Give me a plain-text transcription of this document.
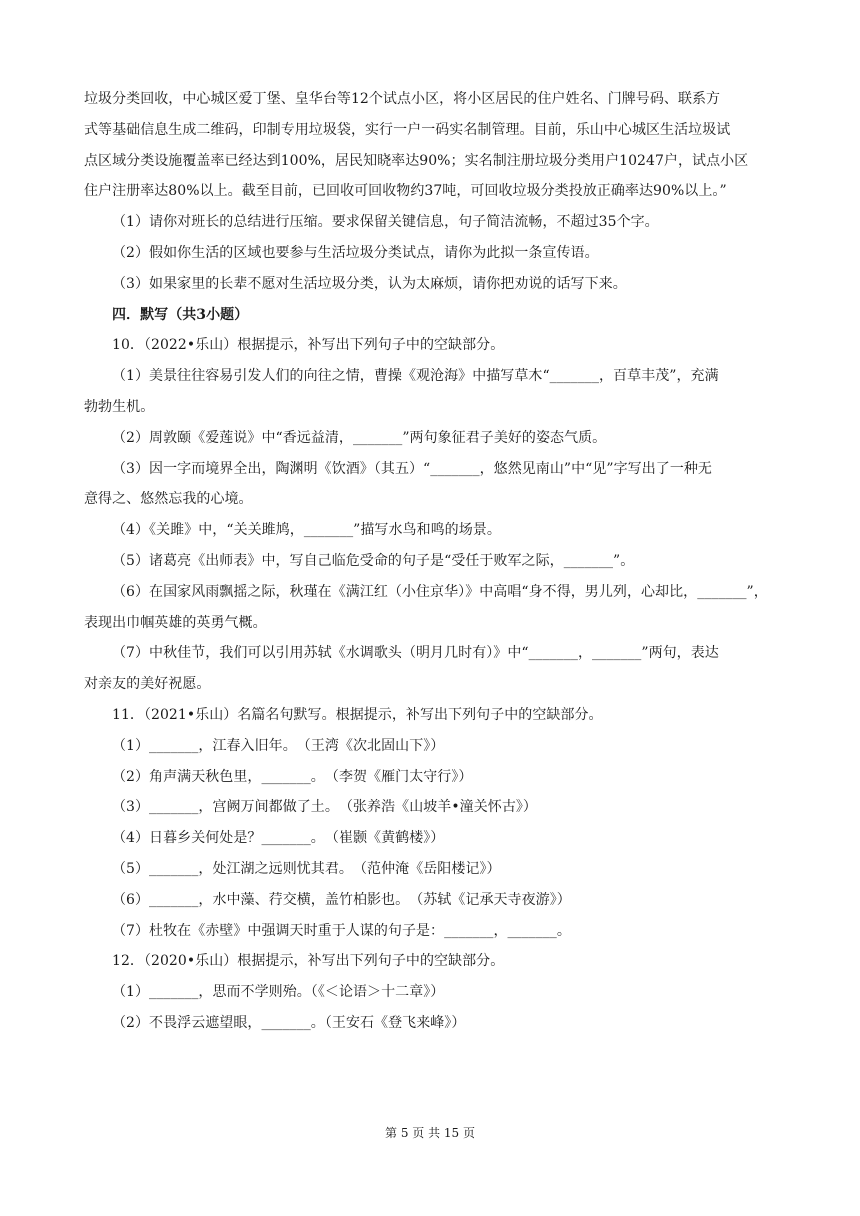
垃圾分类回收，中心城区爱丁堡、皇华台等12个试点小区，将小区居民的住户姓名、门牌号码、联系方
式等基础信息生成二维码，印制专用垃圾袋，实行一户一码实名制管理。目前，乐山中心城区生活垃圾试
点区域分类设施覆盖率已经达到100%，居民知晓率达90%；实名制注册垃圾分类用户10247户，试点小区
住户注册率达80%以上。截至目前，已回收可回收物约37吨，可回收垃圾分类投放正确率达90%以上。”
（1）请你对班长的总结进行压缩。要求保留关键信息，句子简洁流畅，不超过35个字。
（2）假如你生活的区域也要参与生活垃圾分类试点，请你为此拟一条宣传语。
（3）如果家里的长辈不愿对生活垃圾分类，认为太麻烦，请你把劝说的话写下来。
四．默写（共3小题）
10．（2022•乐山）根据提示，补写出下列句子中的空缺部分。
（1）美景往往容易引发人们的向往之情，曹操《观沧海》中描写草木“_______，百草丰茂”，充满
勃勃生机。
（2）周敦颐《爱莲说》中“香远益清，_______”两句象征君子美好的姿态气质。
（3）因一字而境界全出，陶渊明《饮酒》（其五）“_______，悠然见南山”中“见”字写出了一种无
意得之、悠然忘我的心境。
（4）《关雎》中，“关关雎鸠，_______”描写水鸟和鸣的场景。
（5）诸葛亮《出师表》中，写自己临危受命的句子是“受任于败军之际，_______”。
（6）在国家风雨飘摇之际，秋瑾在《满江红（小住京华）》中高唱“身不得，男儿列，心却比，_______”，
表现出巾帼英雄的英勇气概。
（7）中秋佳节，我们可以引用苏轼《水调歌头（明月几时有）》中“_______，_______”两句，表达
对亲友的美好祝愿。
11．（2021•乐山）名篇名句默写。根据提示，补写出下列句子中的空缺部分。
（1）_______，江春入旧年。　（王湾《次北固山下》）
（2）角声满天秋色里，_______。　（李贺《雁门太守行》）
（3）_______，宫阙万间都做了土。　（张养浩《山坡羊•潼关怀古》）
（4）日暮乡关何处是？_______。　（崔颢《黄鹤楼》）
（5）_______，处江湖之远则忧其君。　（范仲淹《岳阳楼记》）
（6）_______，水中藻、荇交横，盖竹柏影也。　（苏轼《记承天寺夜游》）
（7）杜牧在《赤壁》中强调天时重于人谋的句子是：_______，_______。
12．（2020•乐山）根据提示，补写出下列句子中的空缺部分。
（1）_______，思而不学则殆。（《＜论语＞十二章》）
（2）不畏浮云遮望眼，_______。（王安石《登飞来峰》）
第 5 页 共 15 页
